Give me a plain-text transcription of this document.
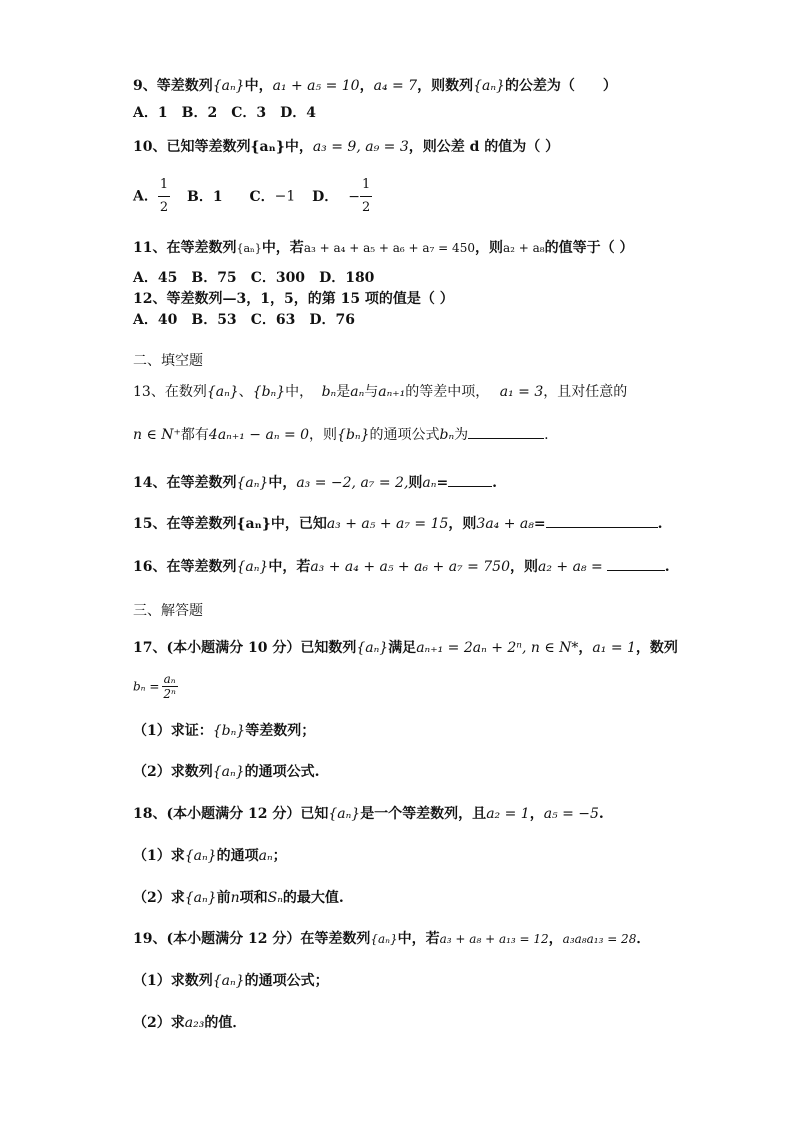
9、等差数列{aₙ}中，a₁ + a₅ = 10，a₄ = 7，则数列{aₙ}的公差为（　　）
A．1 B．2 C．3 D．4
10、已知等差数列{aₙ}中，a₃ = 9, a₉ = 3，则公差 d 的值为（ ）
A． $\frac{1}{2}$ B．1 C．−1 D． − $\frac{1}{2}$
11、在等差数列{aₙ}中，若a₃ + a₄ + a₅ + a₆ + a₇ = 450，则a₂ + a₈的值等于（ ）
A．45 B．75 C．300 D．180
12、等差数列—3，1，5，的第 15 项的值是（ ）
A．40 B．53 C．63 D．76
二、填空题
13、在数列{aₙ}、{bₙ}中， bₙ是aₙ与aₙ₊₁的等差中项， a₁ = 3，且对任意的
n ∈ N⁺都有4aₙ₊₁ − aₙ = 0，则{bₙ}的通项公式bₙ为	.
14、在等差数列{aₙ}中，a₃ = −2, a₇ = 2,则aₙ=	.
15、在等差数列{aₙ}中，已知a₃ + a₅ + a₇ = 15，则3a₄ + a₈=	.
16、在等差数列{aₙ}中，若a₃ + a₄ + a₅ + a₆ + a₇ = 750，则a₂ + a₈ =	.
三、解答题
17、(本小题满分 10 分）已知数列{aₙ}满足aₙ₊₁ = 2aₙ + 2ⁿ, n ∈ N*，a₁ = 1，数列
$b_n = \frac{\text{aₙ}}{\text{2ⁿ}}$
（1）求证：{bₙ}等差数列；
（2）求数列{aₙ}的通项公式.
18、(本小题满分 12 分）已知{aₙ}是一个等差数列，且a₂ = 1，a₅ = −5.
（1）求{aₙ}的通项aₙ；
（2）求{aₙ}前n项和Sₙ的最大值.
19、(本小题满分 12 分）在等差数列{aₙ}中，若a₃ + a₈ + a₁₃ = 12，a₃a₈a₁₃ = 28．
（1）求数列{aₙ}的通项公式；
（2）求a₂₃的值．
